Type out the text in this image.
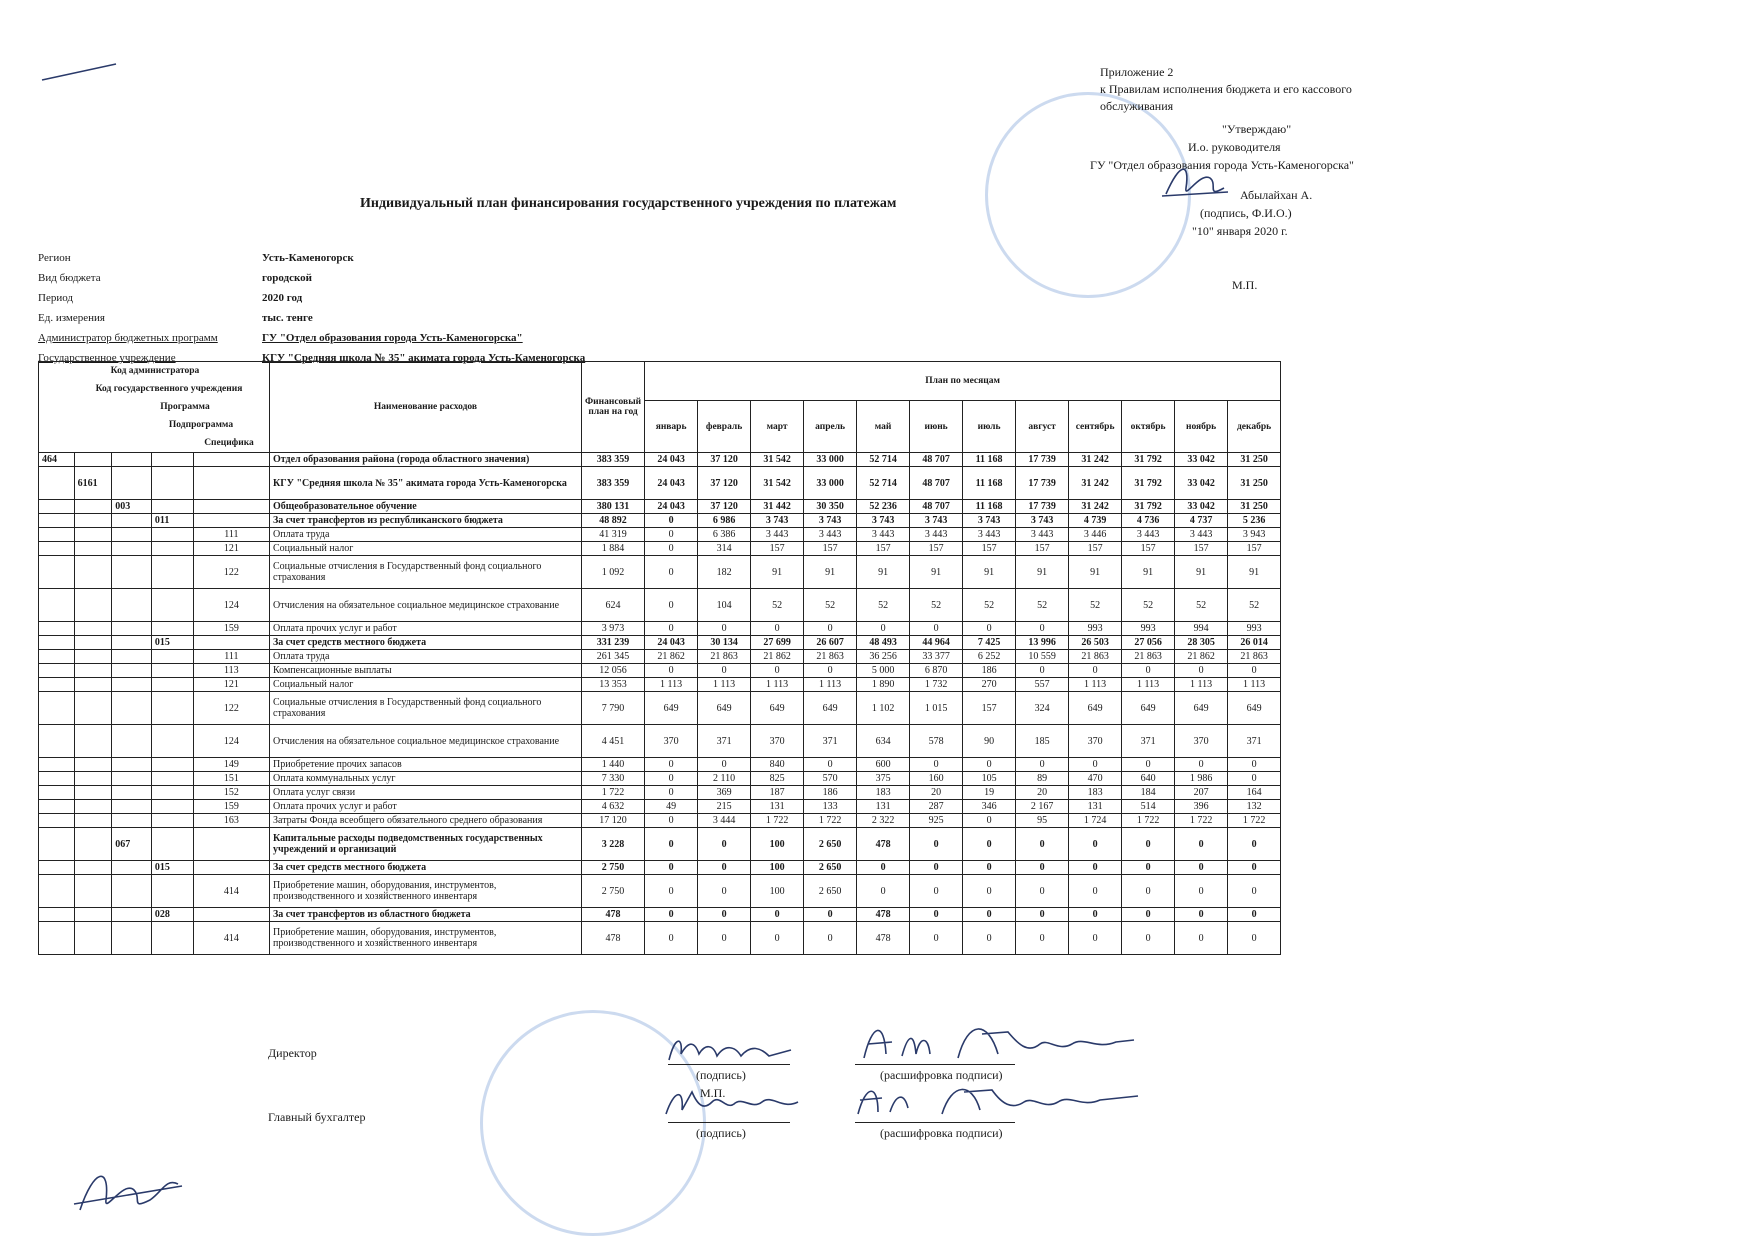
Приложение 2
к Правилам исполнения бюджета и его кассового
обслуживания
"Утверждаю"
И.о. руководителя
ГУ "Отдел образования города Усть-Каменогорска"
Абылайхан А.
(подпись, Ф.И.О.)
"10" января 2020 г.
М.П.
Индивидуальный план финансирования государственного учреждения по платежам
Регион	Усть-Каменогорск
Вид бюджета	городской
Период	2020 год
Ед. измерения	тыс. тенге
Администратор бюджетных программ	ГУ "Отдел образования города Усть-Каменогорска"
Государственное учреждение	КГУ "Средняя школа № 35" акимата города Усть-Каменогорска
Код администратора
Код государственного учреждения
Программа
Подпрограмма
Специфика					Наименование расходов	Финансовый план на год	План по месяцам											
							январь	февраль	март	апрель	май	июнь	июль	август	сентябрь	октябрь	ноябрь	декабрь
464					Отдел образования района (города областного значения)	383 359	24 043	37 120	31 542	33 000	52 714	48 707	11 168	17 739	31 242	31 792	33 042	31 250
	6161				КГУ "Средняя школа № 35" акимата города Усть-Каменогорска	383 359	24 043	37 120	31 542	33 000	52 714	48 707	11 168	17 739	31 242	31 792	33 042	31 250
		003			Общеобразовательное обучение	380 131	24 043	37 120	31 442	30 350	52 236	48 707	11 168	17 739	31 242	31 792	33 042	31 250
			011		За счет трансфертов из республиканского бюджета	48 892	0	6 986	3 743	3 743	3 743	3 743	3 743	3 743	4 739	4 736	4 737	5 236
				111	Оплата труда	41 319	0	6 386	3 443	3 443	3 443	3 443	3 443	3 443	3 446	3 443	3 443	3 943
				121	Социальный налог	1 884	0	314	157	157	157	157	157	157	157	157	157	157
				122	Социальные отчисления в Государственный фонд социального страхования	1 092	0	182	91	91	91	91	91	91	91	91	91	91
				124	Отчисления на обязательное социальное медицинское страхование	624	0	104	52	52	52	52	52	52	52	52	52	52
				159	Оплата прочих услуг и работ	3 973	0	0	0	0	0	0	0	0	993	993	994	993
			015		За счет средств местного бюджета	331 239	24 043	30 134	27 699	26 607	48 493	44 964	7 425	13 996	26 503	27 056	28 305	26 014
				111	Оплата труда	261 345	21 862	21 863	21 862	21 863	36 256	33 377	6 252	10 559	21 863	21 863	21 862	21 863
				113	Компенсационные выплаты	12 056	0	0	0	0	5 000	6 870	186	0	0	0	0	0
				121	Социальный налог	13 353	1 113	1 113	1 113	1 113	1 890	1 732	270	557	1 113	1 113	1 113	1 113
				122	Социальные отчисления в Государственный фонд социального страхования	7 790	649	649	649	649	1 102	1 015	157	324	649	649	649	649
				124	Отчисления на обязательное социальное медицинское страхование	4 451	370	371	370	371	634	578	90	185	370	371	370	371
				149	Приобретение прочих запасов	1 440	0	0	840	0	600	0	0	0	0	0	0	0
				151	Оплата коммунальных услуг	7 330	0	2 110	825	570	375	160	105	89	470	640	1 986	0
				152	Оплата услуг связи	1 722	0	369	187	186	183	20	19	20	183	184	207	164
				159	Оплата прочих услуг и работ	4 632	49	215	131	133	131	287	346	2 167	131	514	396	132
				163	Затраты Фонда всеобщего обязательного среднего образования	17 120	0	3 444	1 722	1 722	2 322	925	0	95	1 724	1 722	1 722	1 722
		067			Капитальные расходы подведомственных государственных учреждений и организаций	3 228	0	0	100	2 650	478	0	0	0	0	0	0	0
			015		За счет средств местного бюджета	2 750	0	0	100	2 650	0	0	0	0	0	0	0	0
				414	Приобретение машин, оборудования, инструментов, производственного и хозяйственного инвентаря	2 750	0	0	100	2 650	0	0	0	0	0	0	0	0
			028		За счет трансфертов из областного бюджета	478	0	0	0	0	478	0	0	0	0	0	0	0
				414	Приобретение машин, оборудования, инструментов, производственного и хозяйственного инвентаря	478	0	0	0	0	478	0	0	0	0	0	0	0
Директор
(подпись)	(расшифровка подписи)
М.П.
Главный бухгалтер
(подпись)	(расшифровка подписи)
